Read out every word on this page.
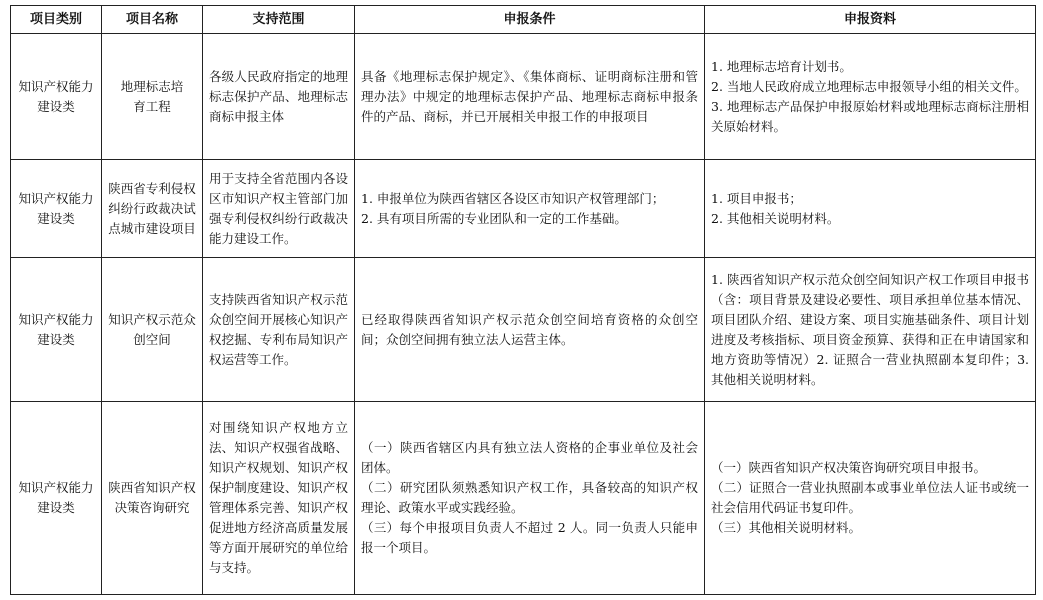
项目类别	项目名称	支持范围	申报条件	申报资料
知识产权能力建设类	地理标志培育工程	各级人民政府指定的地理标志保护产品、地理标志商标申报主体	具备《地理标志保护规定》、《集体商标、证明商标注册和管理办法》中规定的地理标志保护产品、地理标志商标申报条件的产品、商标，并已开展相关申报工作的申报项目	1. 地理标志培育计划书。
2. 当地人民政府成立地理标志申报领导小组的相关文件。
3. 地理标志产品保护申报原始材料或地理标志商标注册相关原始材料。

知识产权能力建设类	陕西省专利侵权纠纷行政裁决试点城市建设项目	用于支持全省范围内各设区市知识产权主管部门加强专利侵权纠纷行政裁决能力建设工作。	1. 申报单位为陕西省辖区各设区市知识产权管理部门；
2. 具有项目所需的专业团队和一定的工作基础。	1. 项目申报书；
2. 其他相关说明材料。

知识产权能力建设类	知识产权示范众创空间	支持陕西省知识产权示范众创空间开展核心知识产权挖掘、专利布局知识产权运营等工作。	已经取得陕西省知识产权示范众创空间培育资格的众创空间；众创空间拥有独立法人运营主体。	1. 陕西省知识产权示范众创空间知识产权工作项目申报书（含：项目背景及建设必要性、项目承担单位基本情况、项目团队介绍、建设方案、项目实施基础条件、项目计划进度及考核指标、项目资金预算、获得和正在申请国家和地方资助等情况）2. 证照合一营业执照副本复印件；3. 其他相关说明材料。

知识产权能力建设类	陕西省知识产权决策咨询研究	对围绕知识产权地方立法、知识产权强省战略、知识产权规划、知识产权保护制度建设、知识产权管理体系完善、知识产权促进地方经济高质量发展等方面开展研究的单位给与支持。	（一）陕西省辖区内具有独立法人资格的企事业单位及社会团体。
（二）研究团队须熟悉知识产权工作，具备较高的知识产权理论、政策水平或实践经验。
（三）每个申报项目负责人不超过 2 人。同一负责人只能申报一个项目。	（一）陕西省知识产权决策咨询研究项目申报书。
（二）证照合一营业执照副本或事业单位法人证书或统一社会信用代码证书复印件。
（三）其他相关说明材料。
